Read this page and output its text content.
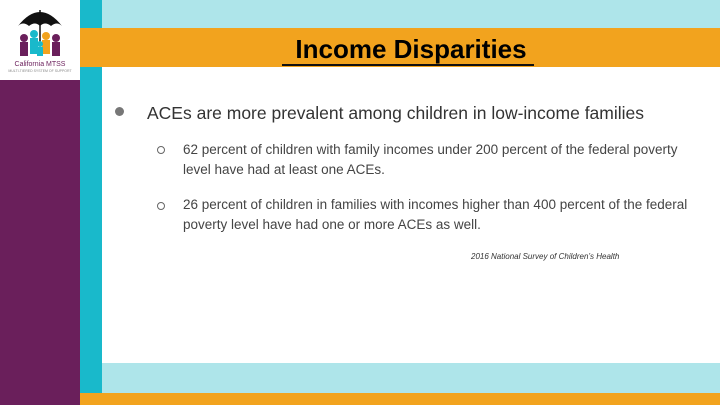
California MTSS
MULTI-TIERED SYSTEM OF SUPPORT
Income Disparities
ACEs are more prevalent among children in low-income families
62 percent of children with family incomes under 200 percent of the federal poverty level have had at least one ACEs.
26 percent of children in families with incomes higher than 400 percent of the federal poverty level have had one or more ACEs as well.
2016 National Survey of Children’s Health
